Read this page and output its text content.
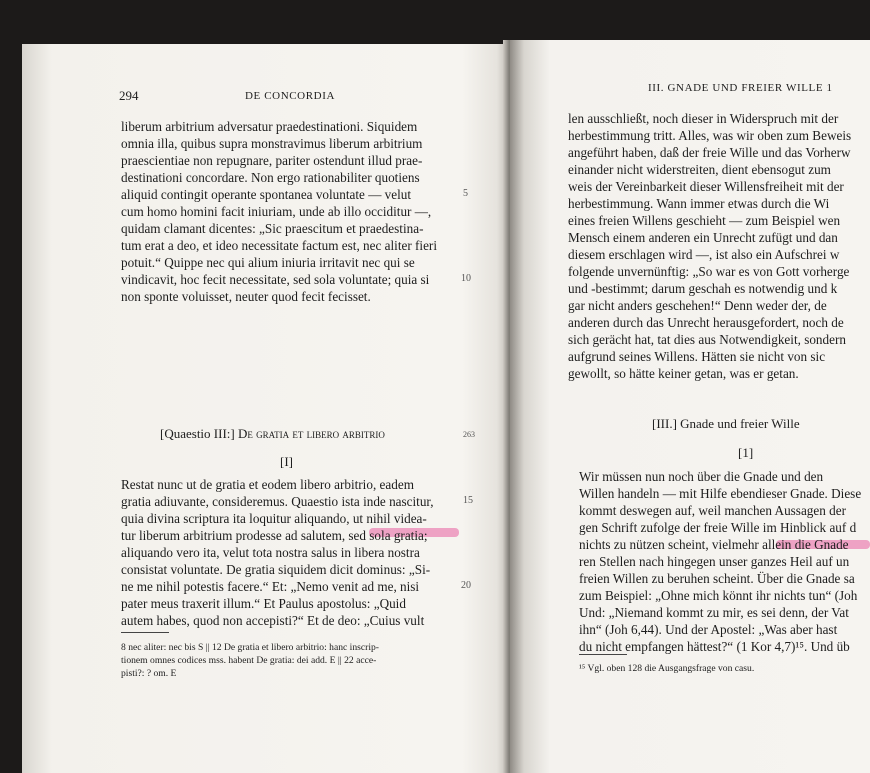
294	DE CONCORDIA
liberum arbitrium adversatur praedestinationi. Siquidem
omnia illa, quibus supra monstravimus liberum arbitrium
praescientiae non repugnare, pariter ostendunt illud prae-
destinationi concordare. Non ergo rationabiliter quotiens
aliquid contingit operante spontanea voluntate — velut
cum homo homini facit iniuriam, unde ab illo occiditur —,
quidam clamant dicentes: „Sic praescitum et praedestina-
tum erat a deo, et ideo necessitate factum est, nec aliter fieri
potuit.“ Quippe nec qui alium iniuria irritavit nec qui se
vindicavit, hoc fecit necessitate, sed sola voluntate; quia si
non sponte voluisset, neuter quod fecit fecisset.
5
10
[Quaestio III:] De gratia et libero arbitrio	263
[I]
Restat nunc ut de gratia et eodem libero arbitrio, eadem
gratia adiuvante, consideremus. Quaestio ista inde nascitur,
quia divina scriptura ita loquitur aliquando, ut nihil videa-
tur liberum arbitrium prodesse ad salutem, sed sola gratia;
aliquando vero ita, velut tota nostra salus in libera nostra
consistat voluntate. De gratia siquidem dicit dominus: „Si-
ne me nihil potestis facere.“ Et: „Nemo venit ad me, nisi
pater meus traxerit illum.“ Et Paulus apostolus: „Quid
autem habes, quod non accepisti?“ Et de deo: „Cuius vult
15
20
8 nec aliter: nec bis S || 12 De gratia et libero arbitrio: hanc inscrip-
tionem omnes codices mss. habent De gratia: dei add. E || 22 acce-
pisti?: ? om. E
III. GNADE UND FREIER WILLE 1
len ausschließt, noch dieser in Widerspruch mit der
herbestimmung tritt. Alles, was wir oben zum Beweis
angeführt haben, daß der freie Wille und das Vorherw
einander nicht widerstreiten, dient ebensogut zum
weis der Vereinbarkeit dieser Willensfreiheit mit der
herbestimmung. Wann immer etwas durch die Wi
eines freien Willens geschieht — zum Beispiel wen
Mensch einem anderen ein Unrecht zufügt und dan
diesem erschlagen wird —, ist also ein Aufschrei w
folgende unvernünftig: „So war es von Gott vorherge
und -bestimmt; darum geschah es notwendig und k
gar nicht anders geschehen!“ Denn weder der, de
anderen durch das Unrecht herausgefordert, noch de
sich gerächt hat, tat dies aus Notwendigkeit, sondern
aufgrund seines Willens. Hätten sie nicht von sic
gewollt, so hätte keiner getan, was er getan.
[III.] Gnade und freier Wille
[1]
Wir müssen nun noch über die Gnade und den
Willen handeln — mit Hilfe ebendieser Gnade. Diese
kommt deswegen auf, weil manchen Aussagen der
gen Schrift zufolge der freie Wille im Hinblick auf d
nichts zu nützen scheint, vielmehr allein die Gnade
ren Stellen nach hingegen unser ganzes Heil auf un
freien Willen zu beruhen scheint. Über die Gnade sa
zum Beispiel: „Ohne mich könnt ihr nichts tun“ (Joh
Und: „Niemand kommt zu mir, es sei denn, der Vat
ihn“ (Joh 6,44). Und der Apostel: „Was aber hast
du nicht empfangen hättest?“ (1 Kor 4,7)¹⁵. Und üb
¹⁵ Vgl. oben 128 die Ausgangsfrage von casu.
